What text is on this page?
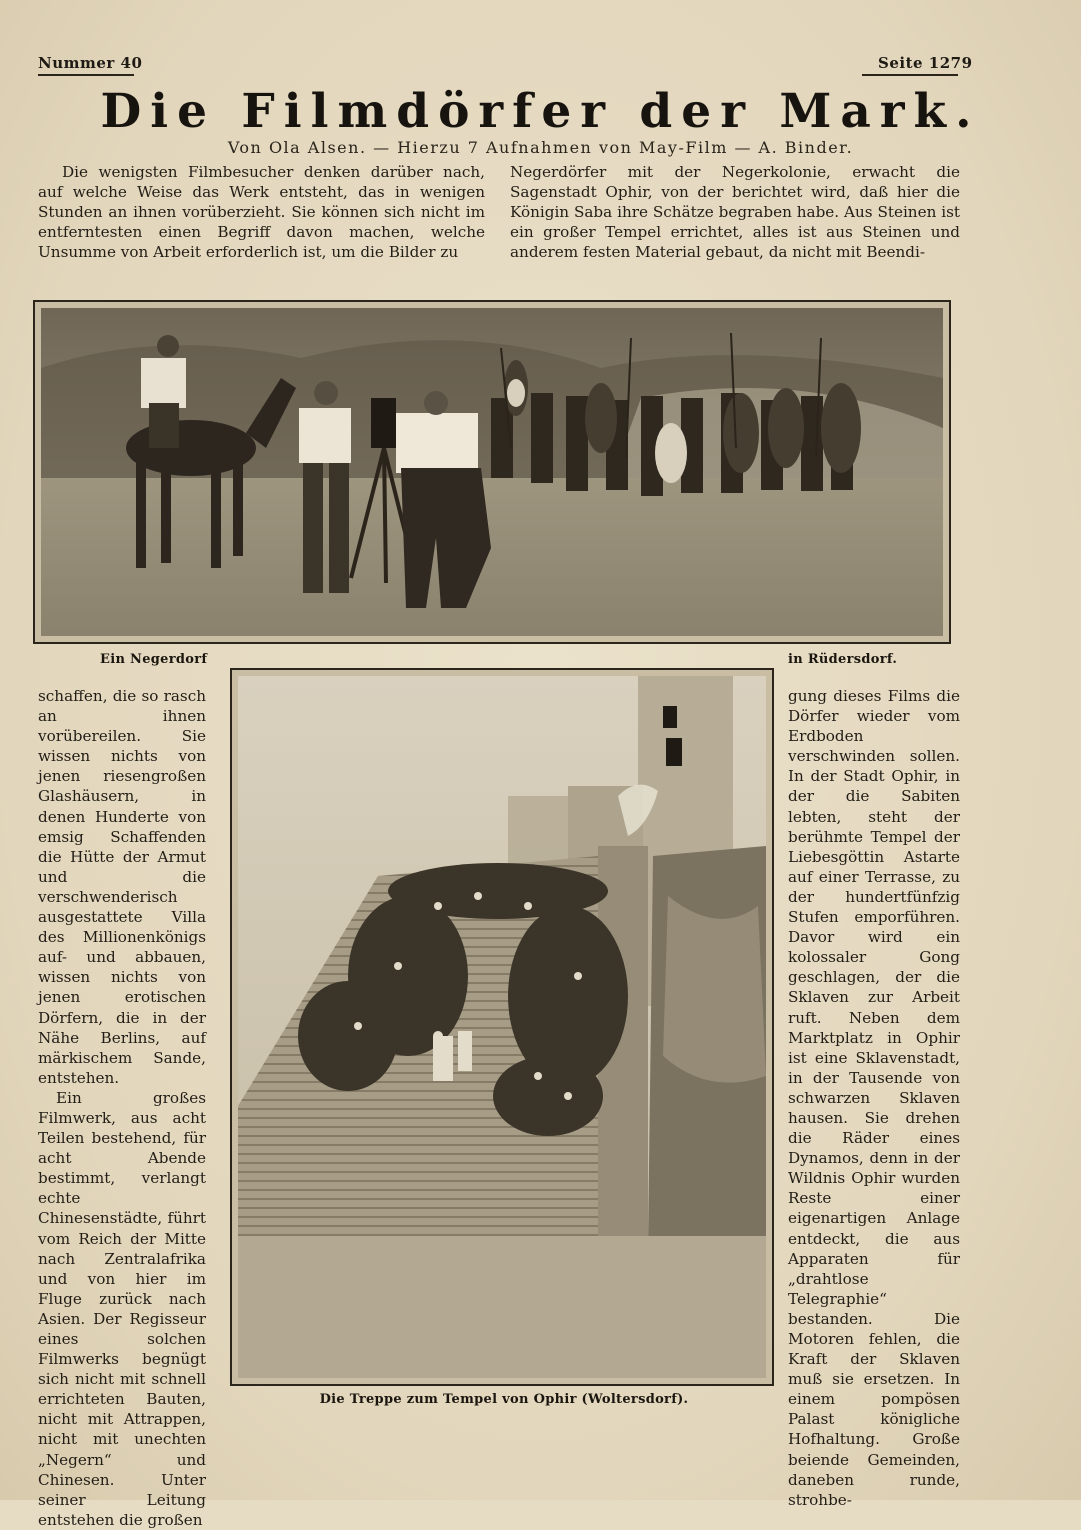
Nummer 40	Seite 1279
Die Filmdörfer der Mark.
Von Ola Alsen. — Hierzu 7 Aufnahmen von May-Film — A. Binder.
Die wenigsten Filmbesucher denken darüber nach, auf welche Weise das Werk entsteht, das in wenigen Stunden an ihnen vorüberzieht. Sie können sich nicht im entferntesten einen Begriff davon machen, welche Unsumme von Arbeit erforderlich ist, um die Bilder zu
Negerdörfer mit der Negerkolonie, erwacht die Sagenstadt Ophir, von der berichtet wird, daß hier die Königin Saba ihre Schätze begraben habe. Aus Steinen ist ein großer Tempel errichtet, alles ist aus Steinen und anderem festen Material gebaut, da nicht mit Beendi-
Ein Negerdorf	in Rüdersdorf.

schaffen, die so rasch an ihnen vorübereilen. Sie wissen nichts von jenen riesengroßen Glashäusern, in denen Hunderte von emsig Schaffenden die Hütte der Armut und die verschwenderisch ausgestattete Villa des Millionenkönigs auf- und abbauen, wissen nichts von jenen erotischen Dörfern, die in der Nähe Berlins, auf märkischem Sande, entstehen.

Ein großes Filmwerk, aus acht Teilen bestehend, für acht Abende bestimmt, verlangt echte Chinesenstädte, führt vom Reich der Mitte nach Zentralafrika und von hier im Fluge zurück nach Asien. Der Regisseur eines solchen Filmwerks begnügt sich nicht mit schnell errichteten Bauten, nicht mit Attrappen, nicht mit unechten „Negern“ und Chinesen. Unter seiner Leitung entstehen die großen

Die Treppe zum Tempel von Ophir (Woltersdorf).
gung dieses Films die Dörfer wieder vom Erdboden verschwinden sollen. In der Stadt Ophir, in der die Sabiten lebten, steht der berühmte Tempel der Liebesgöttin Astarte auf einer Terrasse, zu der hundertfünfzig Stufen emporführen. Davor wird ein kolossaler Gong geschlagen, der die Sklaven zur Arbeit ruft. Neben dem Marktplatz in Ophir ist eine Sklavenstadt, in der Tausende von schwarzen Sklaven hausen. Sie drehen die Räder eines Dynamos, denn in der Wildnis Ophir wurden Reste einer eigenartigen Anlage entdeckt, die aus Apparaten für „drahtlose Telegraphie“ bestanden. Die Motoren fehlen, die Kraft der Sklaven muß sie ersetzen. In einem pompösen Palast königliche Hofhaltung. Große beiende Gemeinden, daneben runde, strohbe-
